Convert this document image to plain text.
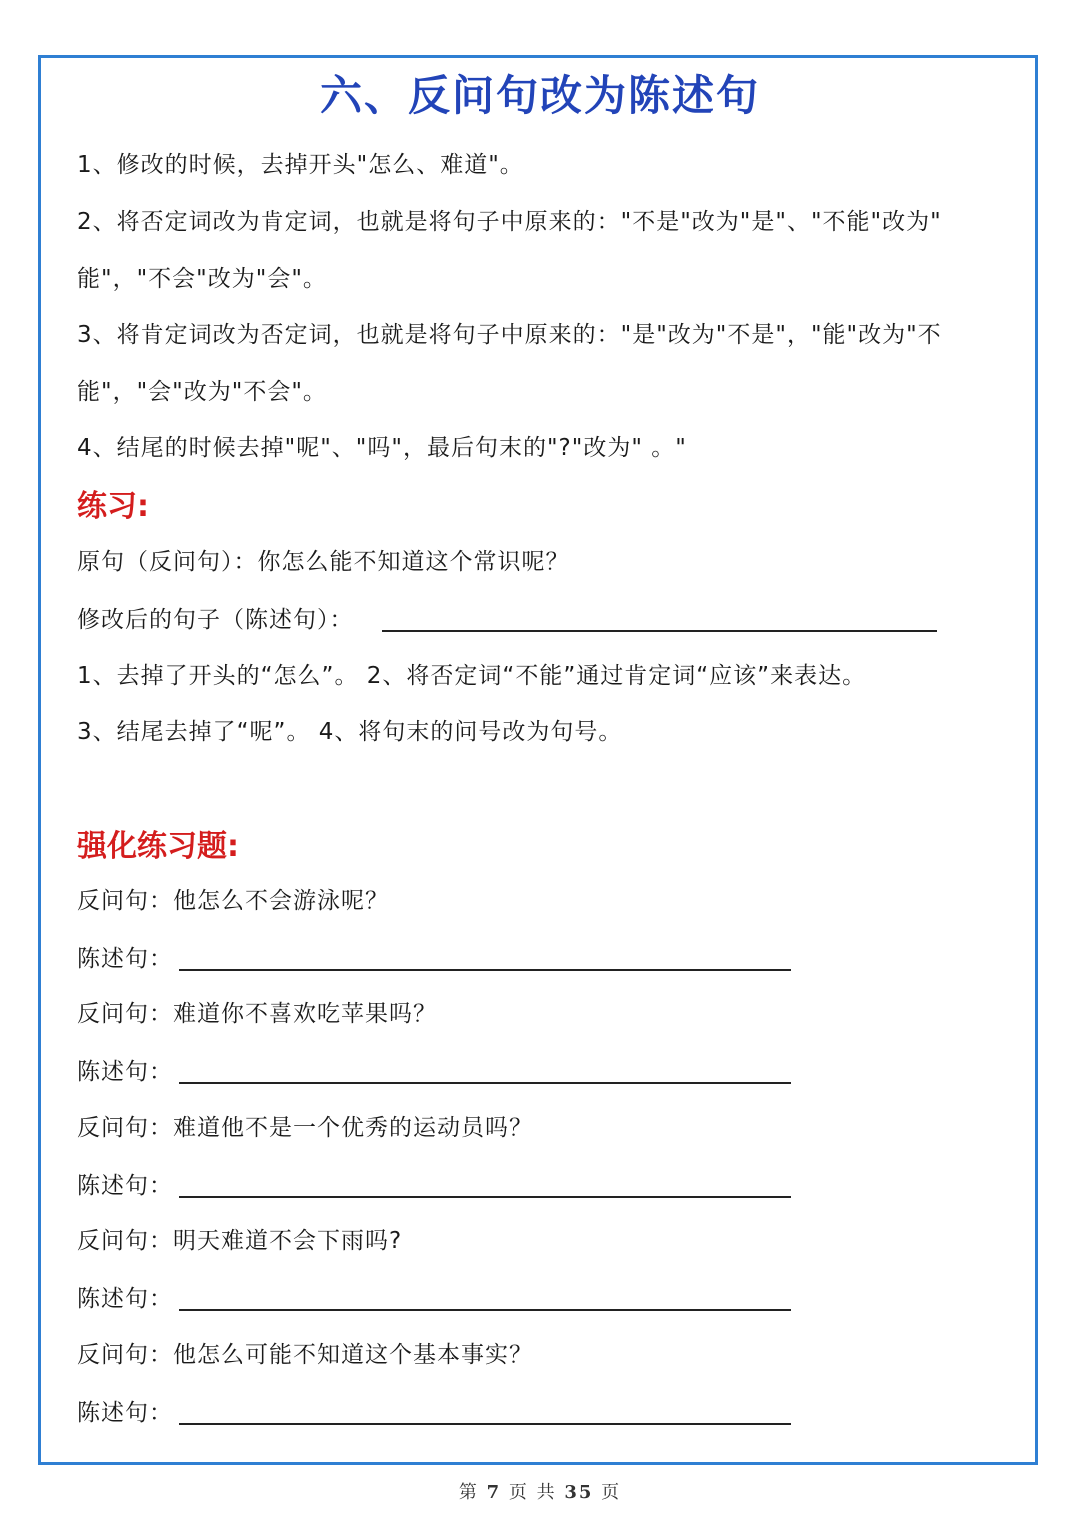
六、反问句改为陈述句
1、修改的时候，去掉开头"怎么、难道"。
2、将否定词改为肯定词，也就是将句子中原来的："不是"改为"是"、"不能"改为"
能"，"不会"改为"会"。
3、将肯定词改为否定词，也就是将句子中原来的："是"改为"不是"，"能"改为"不
能"，"会"改为"不会"。
4、结尾的时候去掉"呢"、"吗"，最后句末的"?"改为" 。"
练习:
原句（反问句）：你怎么能不知道这个常识呢？
修改后的句子（陈述句）：
1、去掉了开头的“怎么”。 2、将否定词“不能”通过肯定词“应该”来表达。
3、结尾去掉了“呢”。 4、将句末的问号改为句号。
强化练习题:
反问句：他怎么不会游泳呢？
陈述句：
反问句：难道你不喜欢吃苹果吗？
陈述句：
反问句：难道他不是一个优秀的运动员吗？
陈述句：
反问句：明天难道不会下雨吗?
陈述句：
反问句：他怎么可能不知道这个基本事实？
陈述句：
第 7 页 共 35 页
